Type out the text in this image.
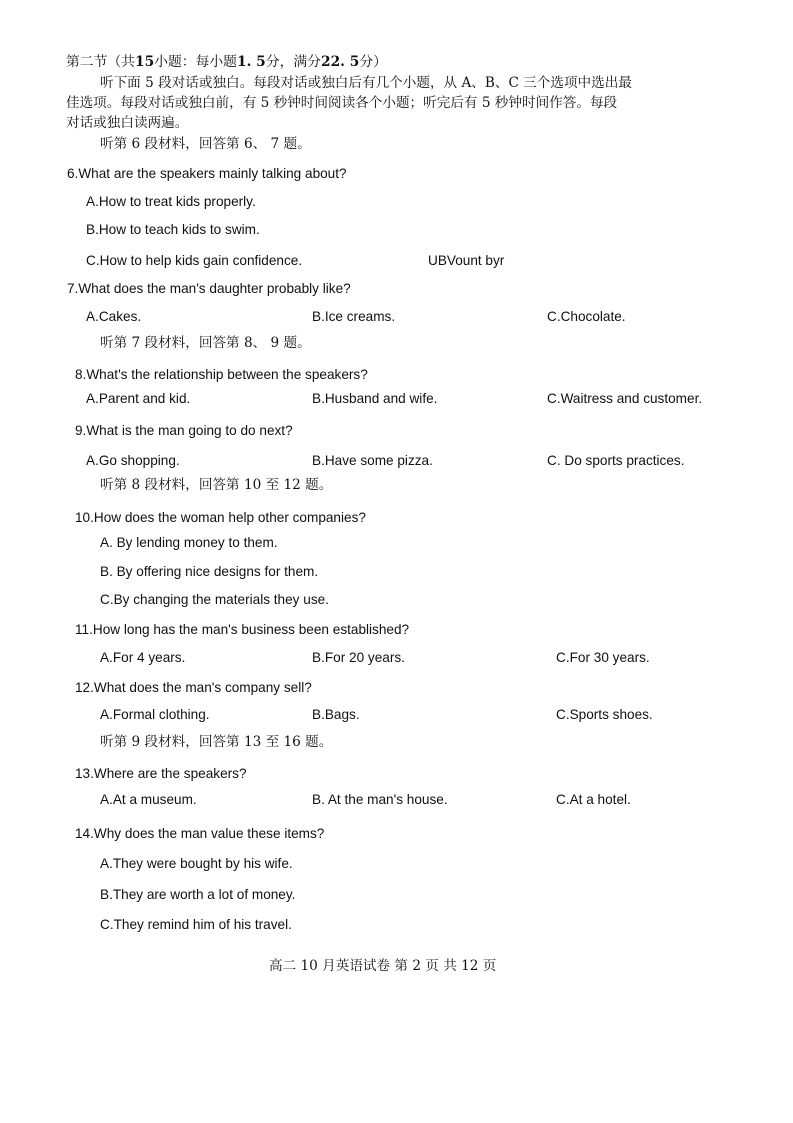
第二节（共15小题：每小题1. 5分，满分22. 5分）
听下面 5 段对话或独白。每段对话或独白后有几个小题，从 A、B、C 三个选项中选出最
佳选项。每段对话或独白前，有 5 秒钟时间阅读各个小题；听完后有 5 秒钟时间作答。每段
对话或独白读两遍。
听第 6 段材料，回答第 6、 7 题。
6.What are the speakers mainly talking about?
A.How to treat kids properly.
B.How to teach kids to swim.
C.How to help kids gain confidence.	UBVount byr
7.What does the man's daughter probably like?
A.Cakes.	B.Ice creams.	C.Chocolate.
听第 7 段材料，回答第 8、 9 题。
8.What's the relationship between the speakers?
A.Parent and kid.	B.Husband and wife.	C.Waitress and customer.
9.What is the man going to do next?
A.Go shopping.	B.Have some pizza.	C. Do sports practices.
听第 8 段材料，回答第 10 至 12 题。
10.How does the woman help other companies?
A. By lending money to them.
B. By offering nice designs for them.
C.By changing the materials they use.
11.How long has the man's business been established?
A.For 4 years.	B.For 20 years.	C.For 30 years.
12.What does the man's company sell?
A.Formal clothing.	B.Bags.	C.Sports shoes.
听第 9 段材料，回答第 13 至 16 题。
13.Where are the speakers?
A.At a museum.	B. At the man's house.	C.At a hotel.
14.Why does the man value these items?
A.They were bought by his wife.
B.They are worth a lot of money.
C.They remind him of his travel.
高二 10 月英语试卷 第 2 页 共 12 页
